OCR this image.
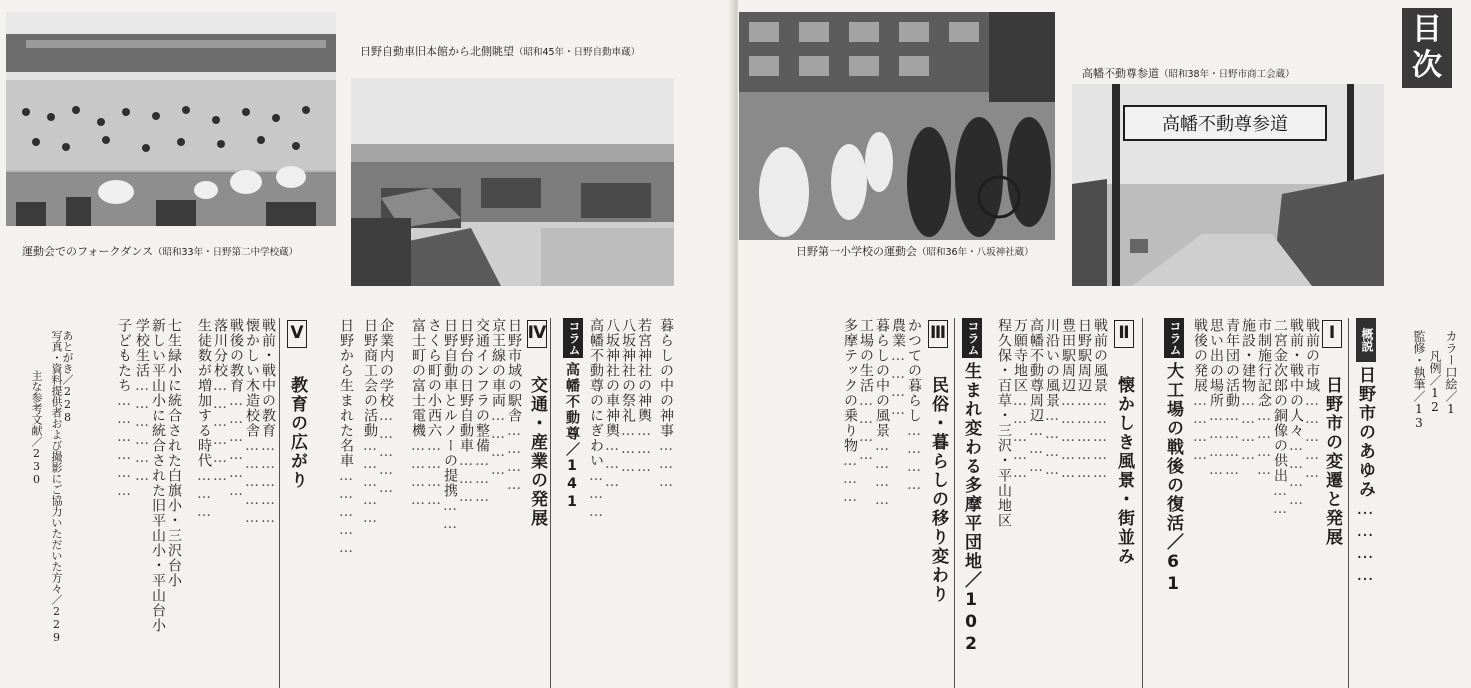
運動会でのフォークダンス（昭和33年・日野第二中学校蔵）
日野自動車旧本館から北側眺望（昭和45年・日野自動車蔵）
あとがき／228
写真・資料提供者および撮影にご協力いただいた方々／229
主な参考文献／230
Ⅴ 教育の広がり
戦前・戦中の教育……………
懐かしい木造校舎……………
戦後の教育………………
落川分校………………
生徒数が増加する時代………
七生緑小に統合された白旗小・三沢台小
新しい平山小に統合された旧平山小・平山台小
学校生活………………
子どもたち………………
Ⅳ 交通・産業の発展
日野市域の駅舎…………
京王線の車両…………
交通インフラの整備………
日野台の日野自動車………
日野自動車とルノーの提携……
さくら町の小西六…………
富士町の富士電機…………
企業内の学校……………
日野商工会の活動……………
日野から生まれた名車……………
コラム
高幡不動尊／141 高幡不動尊のにぎわい………
八坂神社の車神輿………
八坂神社の祭礼………
若宮神社の神輿………
暮らしの中の神事………
日野第一小学校の運動会（昭和36年・八坂神社蔵）
高幡不動尊参道（昭和38年・日野市商工会蔵）
高幡不動尊参道
目
次
カラー口絵／1
凡例／12
監修・執筆／13
概説
日野市のあゆみ…………
Ⅰ 日野市の変遷と発展
戦前の市域……………
戦前・戦中の人々…………
二宮金次郎の銅像の供出……
市制施行記念…………
施設・建物…………
青年団の活動…………
思い出の場所…………
戦後の発展…………
コラム
大工場の戦後の復活／61
Ⅱ 懐かしき風景・街並み
戦前の風景……………
日野駅周辺……………
豊田駅周辺……………
川沿いの風景…………
高幡不動尊周辺………
万願寺地区……………
程久保・百草・三沢・平山地区
コラム
生まれ変わる多摩平団地／102
Ⅲ 民俗・暮らしの移り変わり
かつての暮らし…………
農業…………
暮らしの中の風景…………
工場の生活…………
多摩テックの乗り物………
